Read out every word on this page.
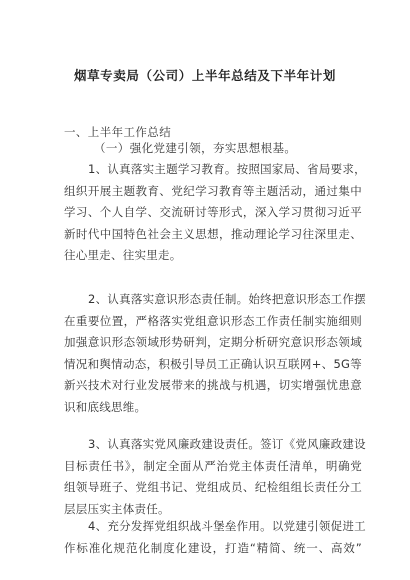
烟草专卖局（公司）上半年总结及下半年计划
一、上半年工作总结
（一）强化党建引领，夯实思想根基。
1、认真落实主题学习教育。按照国家局、省局要求，
组织开展主题教育、党纪学习教育等主题活动，通过集中
学习、个人自学、交流研讨等形式，深入学习贯彻习近平
新时代中国特色社会主义思想，推动理论学习往深里走、
往心里走、往实里走。
2、认真落实意识形态责任制。始终把意识形态工作摆
在重要位置，严格落实党组意识形态工作责任制实施细则
加强意识形态领域形势研判，定期分析研究意识形态领域
情况和舆情动态，积极引导员工正确认识互联网+、5G等
新兴技术对行业发展带来的挑战与机遇，切实增强忧患意
识和底线思维。
3、认真落实党风廉政建设责任。签订《党风廉政建设
目标责任书》，制定全面从严治党主体责任清单，明确党
组领导班子、党组书记、党组成员、纪检组组长责任分工
层层压实主体责任。
4、充分发挥党组织战斗堡垒作用。以党建引领促进工
作标准化规范化制度化建设，打造“精简、统一、高效”
